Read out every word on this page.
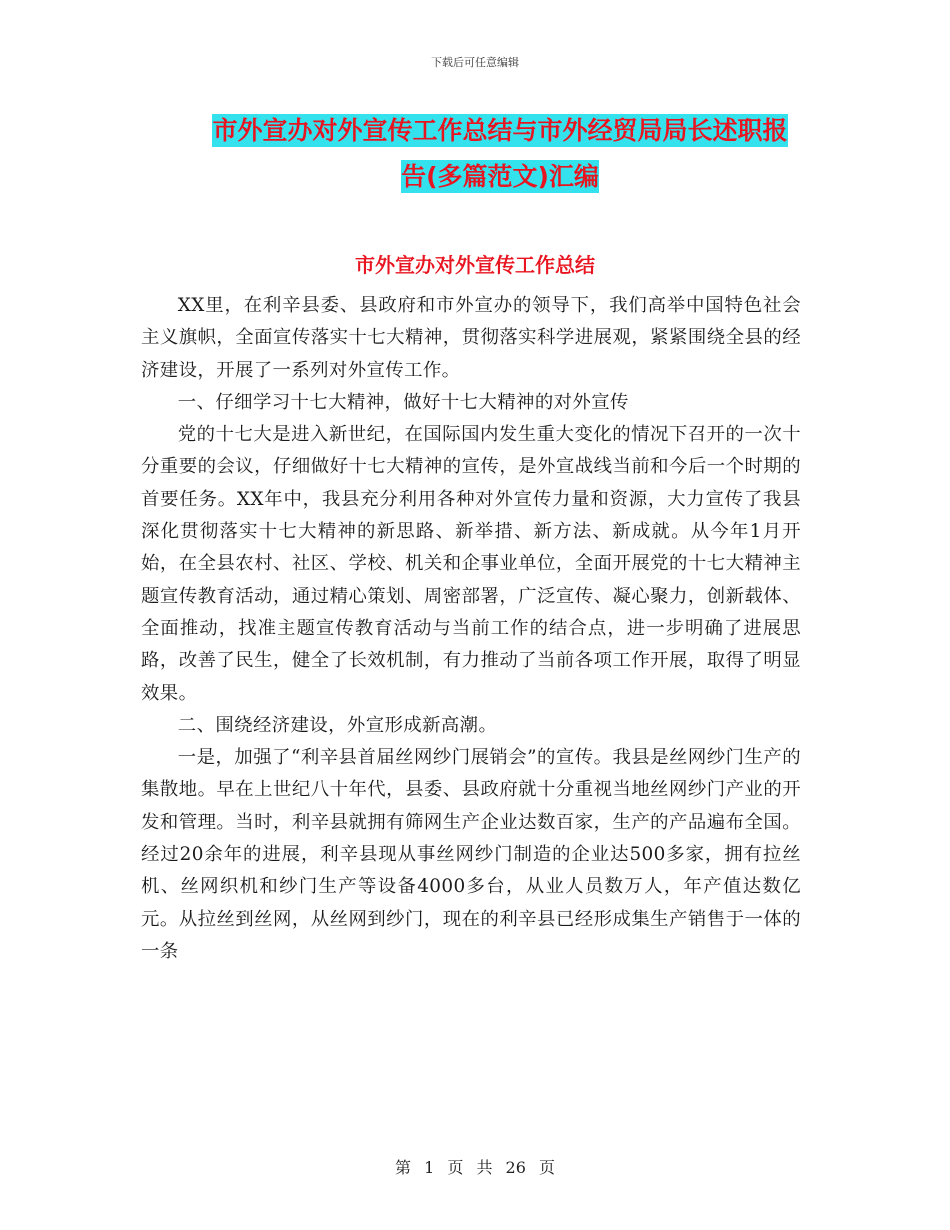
下载后可任意编辑
市外宣办对外宣传工作总结与市外经贸局局长述职报
告(多篇范文)汇编
市外宣办对外宣传工作总结

XX里，在利辛县委、县政府和市外宣办的领导下，我们高举中国特色社会主义旗帜，全面宣传落实十七大精神，贯彻落实科学进展观，紧紧围绕全县的经济建设，开展了一系列对外宣传工作。

一、仔细学习十七大精神，做好十七大精神的对外宣传

党的十七大是进入新世纪，在国际国内发生重大变化的情况下召开的一次十分重要的会议，仔细做好十七大精神的宣传，是外宣战线当前和今后一个时期的首要任务。XX年中，我县充分利用各种对外宣传力量和资源，大力宣传了我县深化贯彻落实十七大精神的新思路、新举措、新方法、新成就。从今年1月开始，在全县农村、社区、学校、机关和企事业单位，全面开展党的十七大精神主题宣传教育活动，通过精心策划、周密部署，广泛宣传、凝心聚力，创新载体、全面推动，找准主题宣传教育活动与当前工作的结合点，进一步明确了进展思路，改善了民生，健全了长效机制，有力推动了当前各项工作开展，取得了明显效果。

二、围绕经济建设，外宣形成新高潮。

一是，加强了“利辛县首届丝网纱门展销会”的宣传。我县是丝网纱门生产的集散地。早在上世纪八十年代，县委、县政府就十分重视当地丝网纱门产业的开发和管理。当时，利辛县就拥有筛网生产企业达数百家，生产的产品遍布全国。经过20余年的进展，利辛县现从事丝网纱门制造的企业达500多家，拥有拉丝机、丝网织机和纱门生产等设备4000多台，从业人员数万人，年产值达数亿元。从拉丝到丝网，从丝网到纱门，现在的利辛县已经形成集生产销售于一体的一条

第 1 页 共 26 页
